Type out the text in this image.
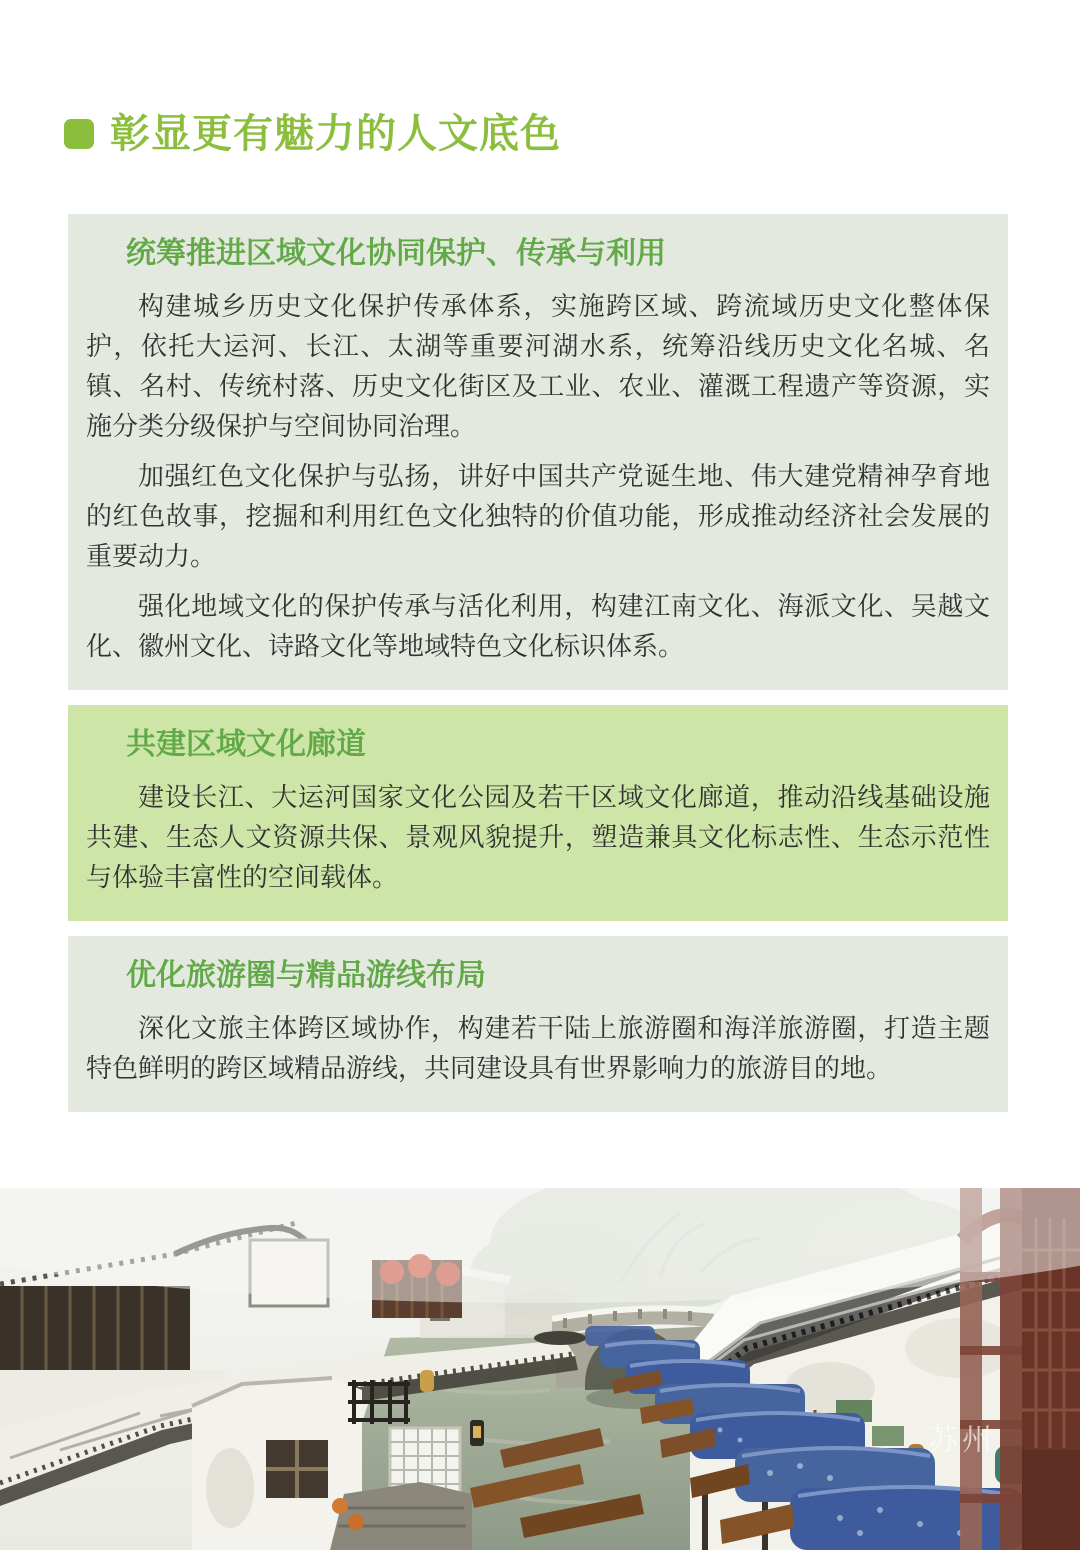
彰显更有魅力的人文底色
统筹推进区域文化协同保护、传承与利用

构建城乡历史文化保护传承体系，实施跨区域、跨流域历史文化整体保护，依托大运河、长江、太湖等重要河湖水系，统筹沿线历史文化名城、名镇、名村、传统村落、历史文化街区及工业、农业、灌溉工程遗产等资源，实施分类分级保护与空间协同治理。

加强红色文化保护与弘扬，讲好中国共产党诞生地、伟大建党精神孕育地的红色故事，挖掘和利用红色文化独特的价值功能，形成推动经济社会发展的重要动力。

强化地域文化的保护传承与活化利用，构建江南文化、海派文化、吴越文化、徽州文化、诗路文化等地域特色文化标识体系。

共建区域文化廊道

建设长江、大运河国家文化公园及若干区域文化廊道，推动沿线基础设施共建、生态人文资源共保、景观风貌提升，塑造兼具文化标志性、生态示范性与体验丰富性的空间载体。

优化旅游圈与精品游线布局

深化文旅主体跨区域协作，构建若干陆上旅游圈和海洋旅游圈，打造主题特色鲜明的跨区域精品游线，共同建设具有世界影响力的旅游目的地。

苏州
